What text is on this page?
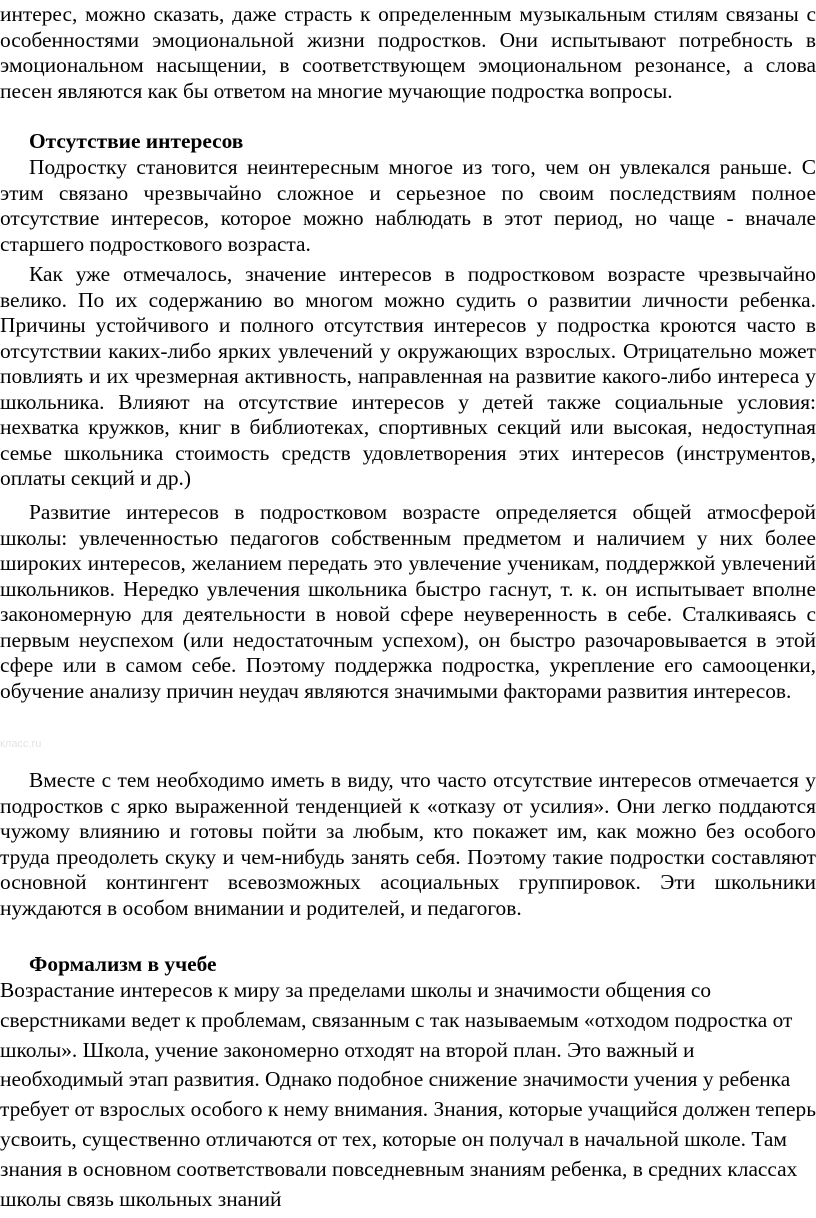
интерес, можно сказать, даже страсть к определенным музыкальным стилям связаны с особенностями эмоциональной жизни подростков. Они испытывают потребность в эмоциональном насыщении, в соответствующем эмоциональном резонансе, а слова песен являются как бы ответом на многие мучающие подростка вопросы.

Отсутствие интересов

Подростку становится неинтересным многое из того, чем он увлекался раньше. С этим связано чрезвычайно сложное и серьезное по своим последствиям полное отсутствие интересов, которое можно наблюдать в этот период, но чаще - вначале старшего подросткового возраста.

Как уже отмечалось, значение интересов в подростковом возрасте чрезвычайно велико. По их содержанию во многом можно судить о развитии личности ребенка. Причины устойчивого и полного отсутствия интересов у подростка кроются часто в отсутствии каких-либо ярких увлечений у окружающих взрослых. Отрицательно может повлиять и их чрезмерная активность, направленная на развитие какого-либо интереса у школьника. Влияют на отсутствие интересов у детей также социальные условия: нехватка кружков, книг в библиотеках, спортивных секций или высокая, недоступная семье школьника стоимость средств удовлетворения этих интересов (инструментов, оплаты секций и др.)

Развитие интересов в подростковом возрасте определяется общей атмосферой школы: увлеченностью педагогов собственным предметом и наличием у них более широких интересов, желанием передать это увлечение ученикам, поддержкой увлечений школьников. Нередко увлечения школьника быстро гаснут, т. к. он испытывает вполне закономерную для деятельности в новой сфере неуверенность в себе. Сталкиваясь с первым неуспехом (или недостаточным успехом), он быстро разочаровывается в этой сфере или в самом себе. Поэтому поддержка подростка, укрепление его самооценки, обучение анализу причин неудач являются значимыми факторами развития интересов.

клаcc.ru

Вместе с тем необходимо иметь в виду, что часто отсутствие интересов отмечается у подростков с ярко выраженной тенденцией к «отказу от усилия». Они легко поддаются чужому влиянию и готовы пойти за любым, кто покажет им, как можно без особого труда преодолеть скуку и чем-нибудь занять себя. Поэтому такие подростки составляют основной контингент всевозможных асоциальных группировок. Эти школьники нуждаются в особом внимании и родителей, и педагогов.

Формализм в учебе

Возрастание интересов к миру за пределами школы и значимости общения со сверстниками ведет к проблемам, связанным с так называемым «отходом подростка от школы». Школа, учение закономерно отходят на второй план. Это важный и необходимый этап развития. Однако подобное снижение значимости учения у ребенка требует от взрослых особого к нему внимания. Знания, которые учащийся должен теперь усвоить, существенно отличаются от тех, которые он получал в начальной школе. Там знания в основном соответствовали повседневным знаниям ребенка, в средних классах школы связь школьных знаний
